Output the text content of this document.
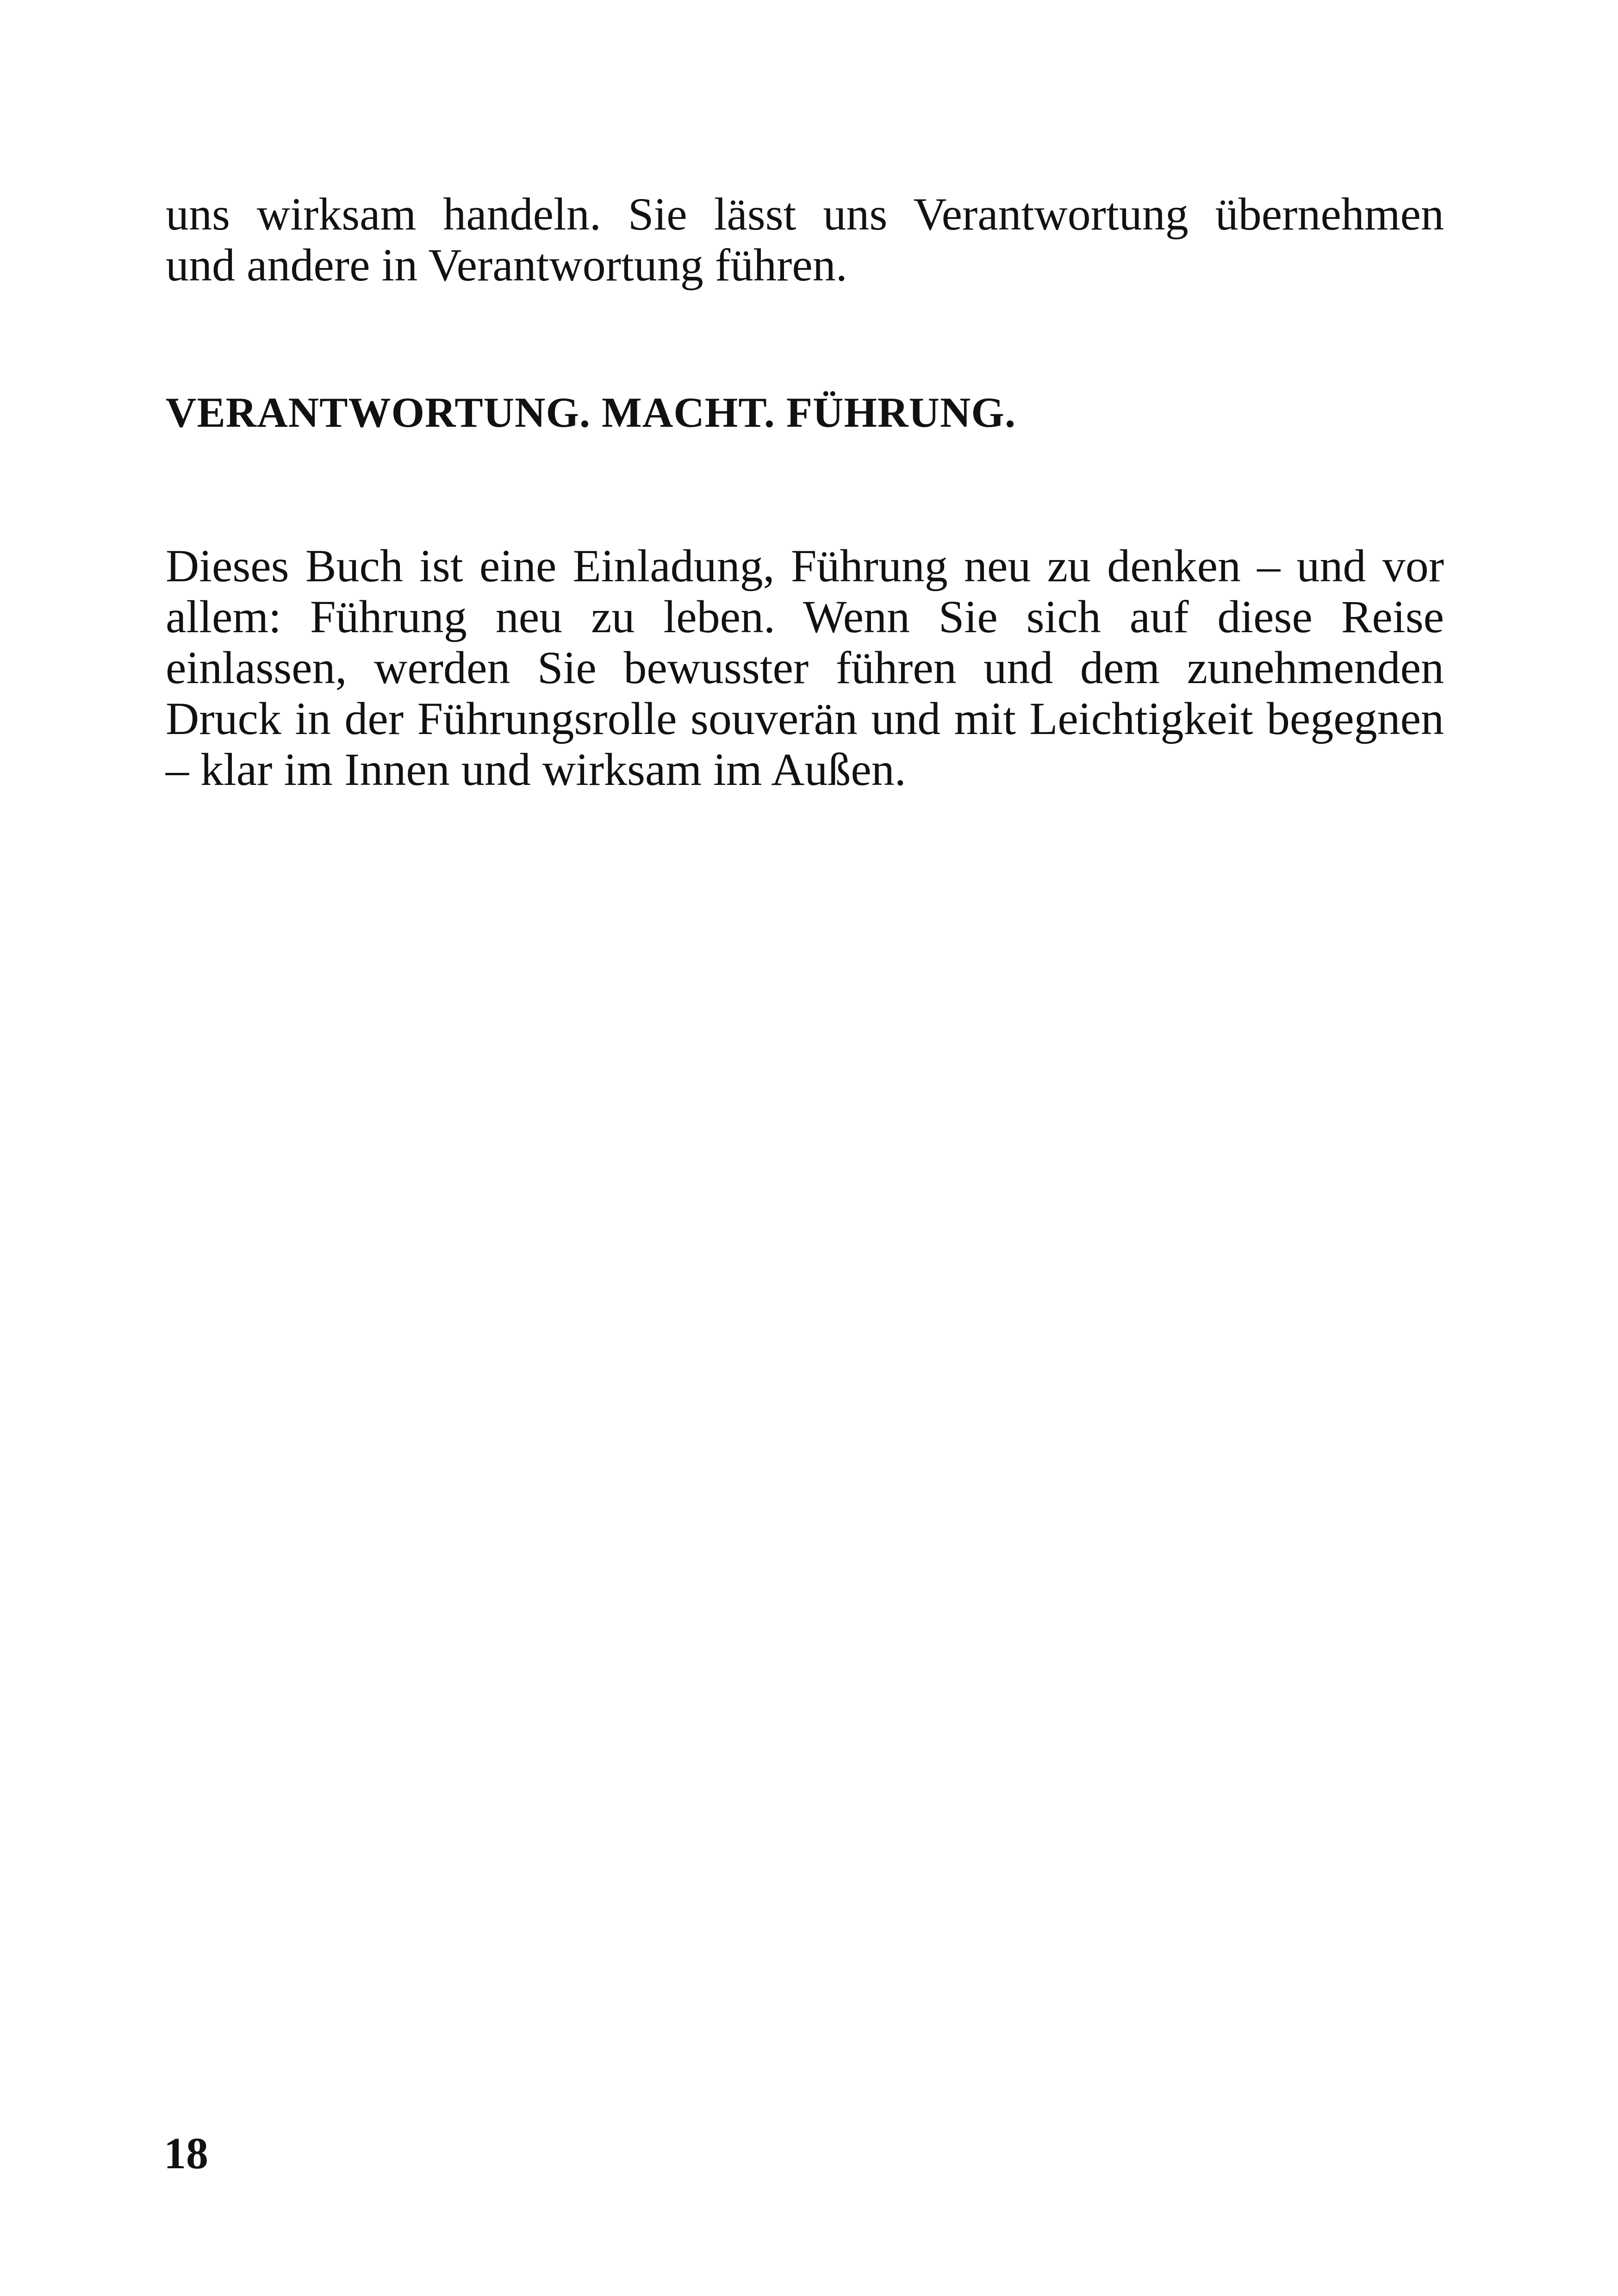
uns wirksam handeln. Sie lässt uns Verantwortung übernehmen
und andere in Verantwortung führen.

VERANTWORTUNG. MACHT. FÜHRUNG.

Dieses Buch ist eine Einladung, Führung neu zu denken – und vor
allem: Führung neu zu leben. Wenn Sie sich auf diese Reise
einlassen, werden Sie bewusster führen und dem zunehmenden
Druck in der Führungsrolle souverän und mit Leichtigkeit begegnen
– klar im Innen und wirksam im Außen.

18
